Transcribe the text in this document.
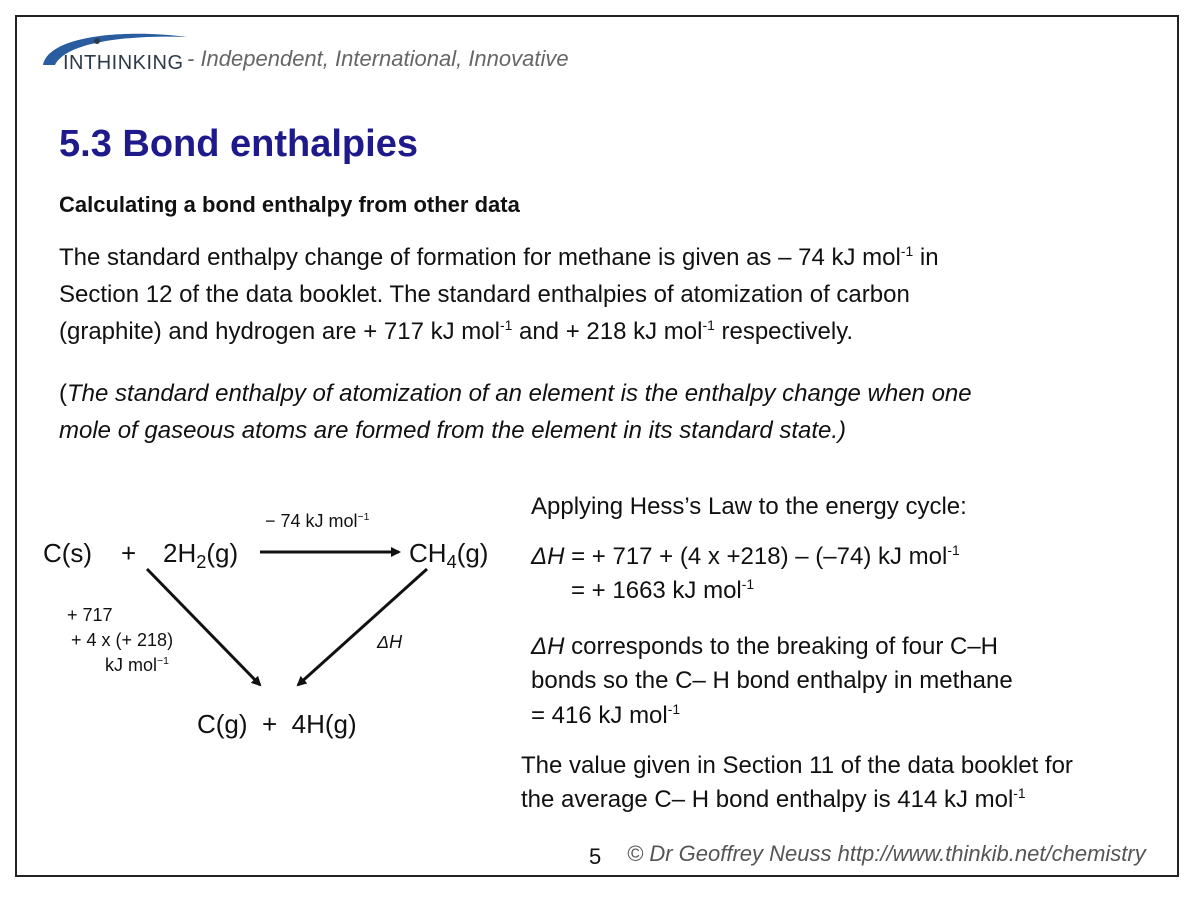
INTHINKING - Independent, International, Innovative
5.3 Bond enthalpies
Calculating a bond enthalpy from other data
The standard enthalpy change of formation for methane is given as – 74 kJ mol$^{-1}$ in
Section 12 of the data booklet. The standard enthalpies of atomization of carbon
(graphite) and hydrogen are + 717 kJ mol$^{-1}$ and + 218 kJ mol$^{-1}$ respectively.
(The standard enthalpy of atomization of an element is the enthalpy change when one
mole of gaseous atoms are formed from the element in its standard state.)
$C(s) + 2H_2(g)$	$CH_4(g)$
− 74 kJ mol$^{-1}$
+ 717
+ 4 x (+ 218)
kJ mol$^{-1}$
ΔH
C(g)  +  4H(g)
Applying Hess’s Law to the energy cycle:
ΔH = + 717 + (4 x +218) – (–74) kJ mol$^{-1}$
= + 1663 kJ mol$^{-1}$
ΔH corresponds to the breaking of four C–H
bonds so the C– H bond enthalpy in methane
= 416 kJ mol$^{-1}$
The value given in Section 11 of the data booklet for
the average C– H bond enthalpy is 414 kJ mol$^{-1}$
5 © Dr Geoffrey Neuss http://www.thinkib.net/chemistry
